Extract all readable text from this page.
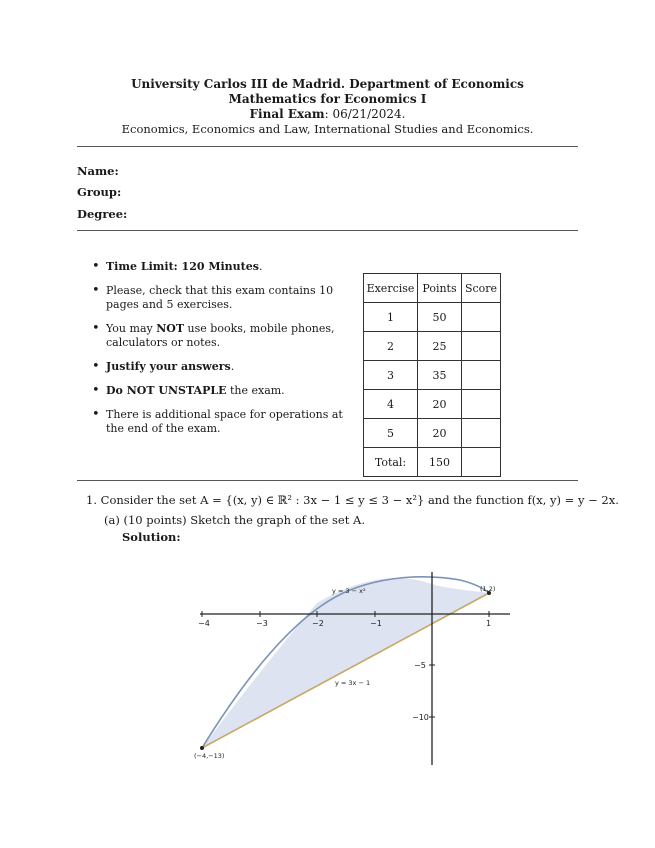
University Carlos III de Madrid. Department of Economics
Mathematics for Economics I
Final Exam: 06/21/2024.
Economics, Economics and Law, International Studies and Economics.
Name:
Group:
Degree:
• Time Limit: 120 Minutes.
• Please, check that this exam contains 10 pages and 5 exercises.
• You may NOT use books, mobile phones, calculators or notes.
• Justify your answers.
• Do NOT UNSTAPLE the exam.
• There is additional space for operations at the end of the exam.
Exercise	Points	Score
1	50	
2	25	
3	35	
4	20	
5	20	
Total:	150	
1. Consider the set A = {(x, y) ∈ ℝ² : 3x − 1 ≤ y ≤ 3 − x²} and the function f(x, y) = y − 2x.
(a) (10 points) Sketch the graph of the set A.
Solution:
−4	−3	−2	−1	1
−5
−10
y = 3 − x²
y = 3x − 1
(1,2)
(−4,−13)
